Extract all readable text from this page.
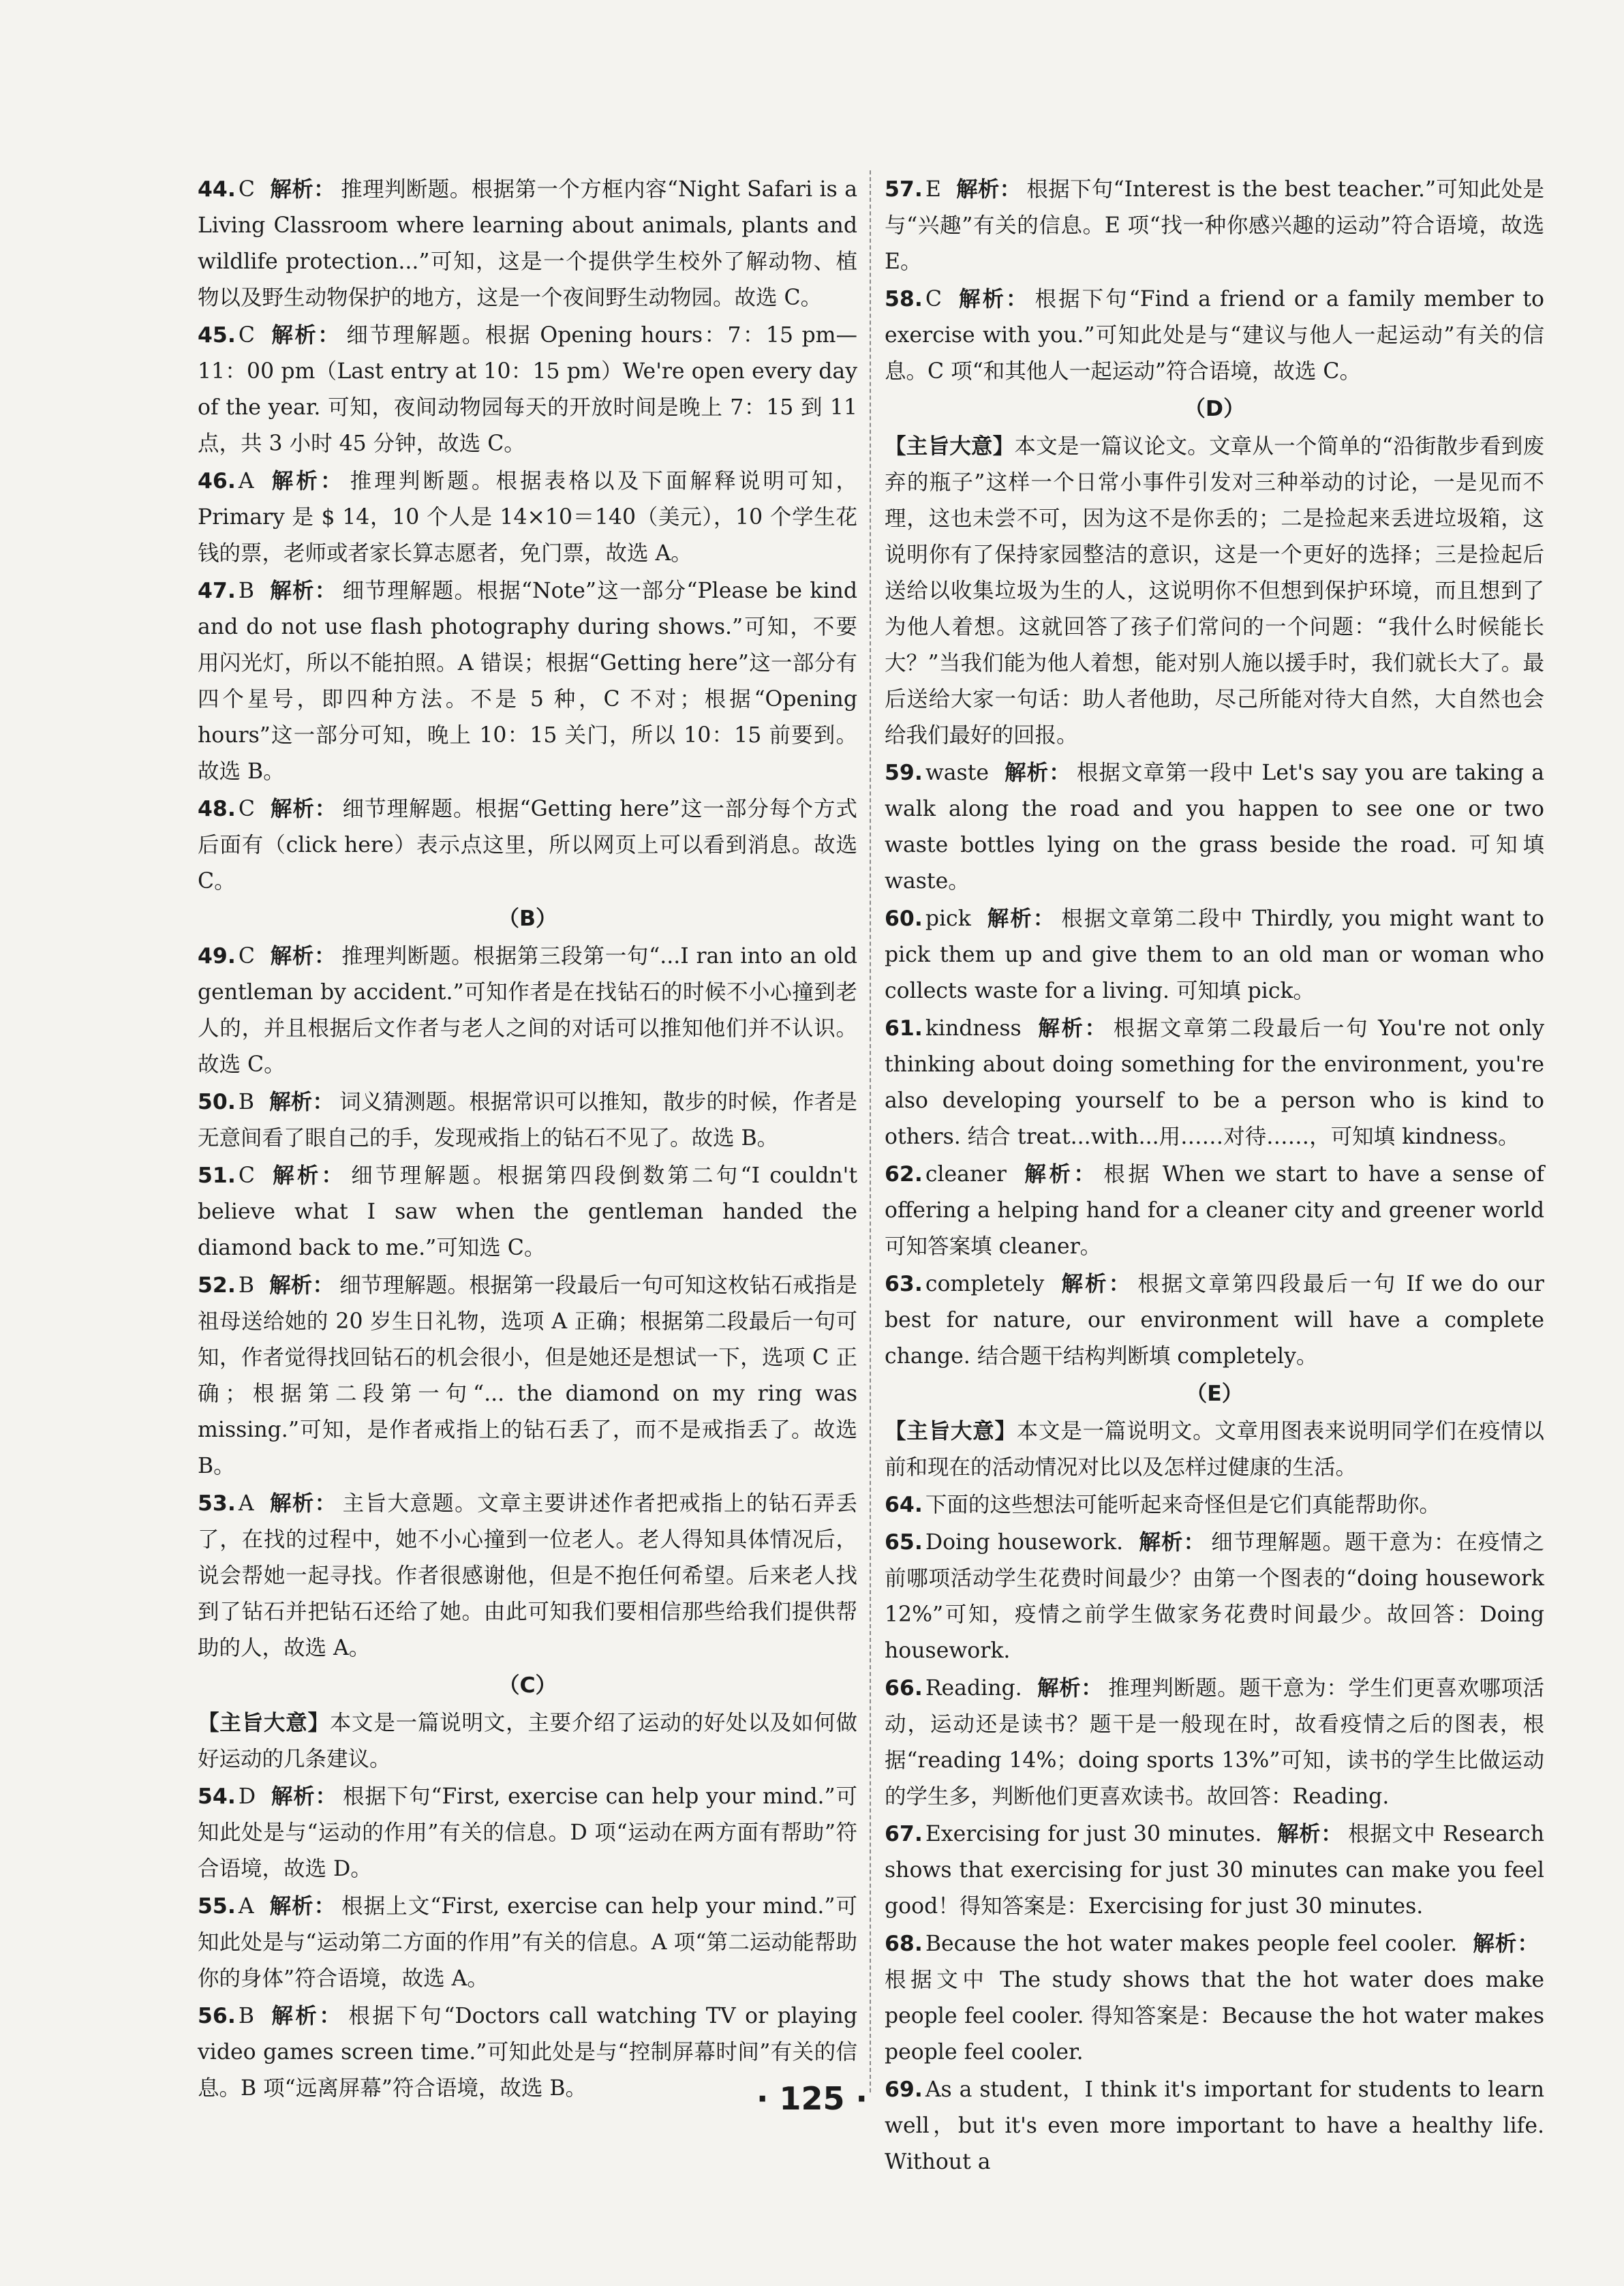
44. C 解析： 推理判断题。根据第一个方框内容“Night Safari is a Living Classroom where learning about animals, plants and wildlife protection...”可知，这是一个提供学生校外了解动物、植物以及野生动物保护的地方，这是一个夜间野生动物园。故选 C。
45. C 解析： 细节理解题。根据 Opening hours：7：15 pm—11：00 pm（Last entry at 10：15 pm）We're open every day of the year. 可知，夜间动物园每天的开放时间是晚上 7：15 到 11 点，共 3 小时 45 分钟，故选 C。
46. A 解析： 推理判断题。根据表格以及下面解释说明可知，Primary 是 $ 14，10 个人是 14×10＝140（美元），10 个学生花钱的票，老师或者家长算志愿者，免门票，故选 A。
47. B 解析： 细节理解题。根据“Note”这一部分“Please be kind and do not use flash photography during shows.”可知，不要用闪光灯，所以不能拍照。A 错误；根据“Getting here”这一部分有四个星号，即四种方法。不是 5 种，C 不对；根据“Opening hours”这一部分可知，晚上 10：15 关门，所以 10：15 前要到。故选 B。
48. C 解析： 细节理解题。根据“Getting here”这一部分每个方式后面有（click here）表示点这里，所以网页上可以看到消息。故选 C。
（B）
49. C 解析： 推理判断题。根据第三段第一句“...I ran into an old gentleman by accident.”可知作者是在找钻石的时候不小心撞到老人的，并且根据后文作者与老人之间的对话可以推知他们并不认识。故选 C。
50. B 解析： 词义猜测题。根据常识可以推知，散步的时候，作者是无意间看了眼自己的手，发现戒指上的钻石不见了。故选 B。
51. C 解析： 细节理解题。根据第四段倒数第二句“I couldn't believe what I saw when the gentleman handed the diamond back to me.”可知选 C。
52. B 解析： 细节理解题。根据第一段最后一句可知这枚钻石戒指是祖母送给她的 20 岁生日礼物，选项 A 正确；根据第二段最后一句可知，作者觉得找回钻石的机会很小，但是她还是想试一下，选项 C 正确；根据第二段第一句“... the diamond on my ring was missing.”可知，是作者戒指上的钻石丢了，而不是戒指丢了。故选 B。
53. A 解析： 主旨大意题。文章主要讲述作者把戒指上的钻石弄丢了，在找的过程中，她不小心撞到一位老人。老人得知具体情况后，说会帮她一起寻找。作者很感谢他，但是不抱任何希望。后来老人找到了钻石并把钻石还给了她。由此可知我们要相信那些给我们提供帮助的人，故选 A。
（C）
【主旨大意】本文是一篇说明文，主要介绍了运动的好处以及如何做好运动的几条建议。
54. D 解析： 根据下句“First, exercise can help your mind.”可知此处是与“运动的作用”有关的信息。D 项“运动在两方面有帮助”符合语境，故选 D。
55. A 解析： 根据上文“First, exercise can help your mind.”可知此处是与“运动第二方面的作用”有关的信息。A 项“第二运动能帮助你的身体”符合语境，故选 A。
56. B 解析： 根据下句“Doctors call watching TV or playing video games screen time.”可知此处是与“控制屏幕时间”有关的信息。B 项“远离屏幕”符合语境，故选 B。
57. E 解析： 根据下句“Interest is the best teacher.”可知此处是与“兴趣”有关的信息。E 项“找一种你感兴趣的运动”符合语境，故选 E。
58. C 解析： 根据下句“Find a friend or a family member to exercise with you.”可知此处是与“建议与他人一起运动”有关的信息。C 项“和其他人一起运动”符合语境，故选 C。
（D）
【主旨大意】本文是一篇议论文。文章从一个简单的“沿街散步看到废弃的瓶子”这样一个日常小事件引发对三种举动的讨论，一是见而不理，这也未尝不可，因为这不是你丢的；二是捡起来丢进垃圾箱，这说明你有了保持家园整洁的意识，这是一个更好的选择；三是捡起后送给以收集垃圾为生的人，这说明你不但想到保护环境，而且想到了为他人着想。这就回答了孩子们常问的一个问题：“我什么时候能长大？”当我们能为他人着想，能对别人施以援手时，我们就长大了。最后送给大家一句话：助人者他助，尽己所能对待大自然，大自然也会给我们最好的回报。
59. waste 解析： 根据文章第一段中 Let's say you are taking a walk along the road and you happen to see one or two waste bottles lying on the grass beside the road. 可知填 waste。
60. pick 解析： 根据文章第二段中 Thirdly, you might want to pick them up and give them to an old man or woman who collects waste for a living. 可知填 pick。
61. kindness 解析： 根据文章第二段最后一句 You're not only thinking about doing something for the environment, you're also developing yourself to be a person who is kind to others. 结合 treat...with...用……对待……，可知填 kindness。
62. cleaner 解析： 根据 When we start to have a sense of offering a helping hand for a cleaner city and greener world 可知答案填 cleaner。
63. completely 解析： 根据文章第四段最后一句 If we do our best for nature, our environment will have a complete change. 结合题干结构判断填 completely。
（E）
【主旨大意】本文是一篇说明文。文章用图表来说明同学们在疫情以前和现在的活动情况对比以及怎样过健康的生活。
64. 下面的这些想法可能听起来奇怪但是它们真能帮助你。
65. Doing housework. 解析： 细节理解题。题干意为：在疫情之前哪项活动学生花费时间最少？由第一个图表的“doing housework 12%”可知，疫情之前学生做家务花费时间最少。故回答：Doing housework.
66. Reading. 解析： 推理判断题。题干意为：学生们更喜欢哪项活动，运动还是读书？题干是一般现在时，故看疫情之后的图表，根据“reading 14%；doing sports 13%”可知，读书的学生比做运动的学生多，判断他们更喜欢读书。故回答：Reading.
67. Exercising for just 30 minutes. 解析： 根据文中 Research shows that exercising for just 30 minutes can make you feel good！得知答案是：Exercising for just 30 minutes.
68. Because the hot water makes people feel cooler. 解析：根据文中 The study shows that the hot water does make people feel cooler. 得知答案是：Because the hot water makes people feel cooler.
69. As a student，I think it's important for students to learn well，but it's even more important to have a healthy life. Without a
· 125 ·
